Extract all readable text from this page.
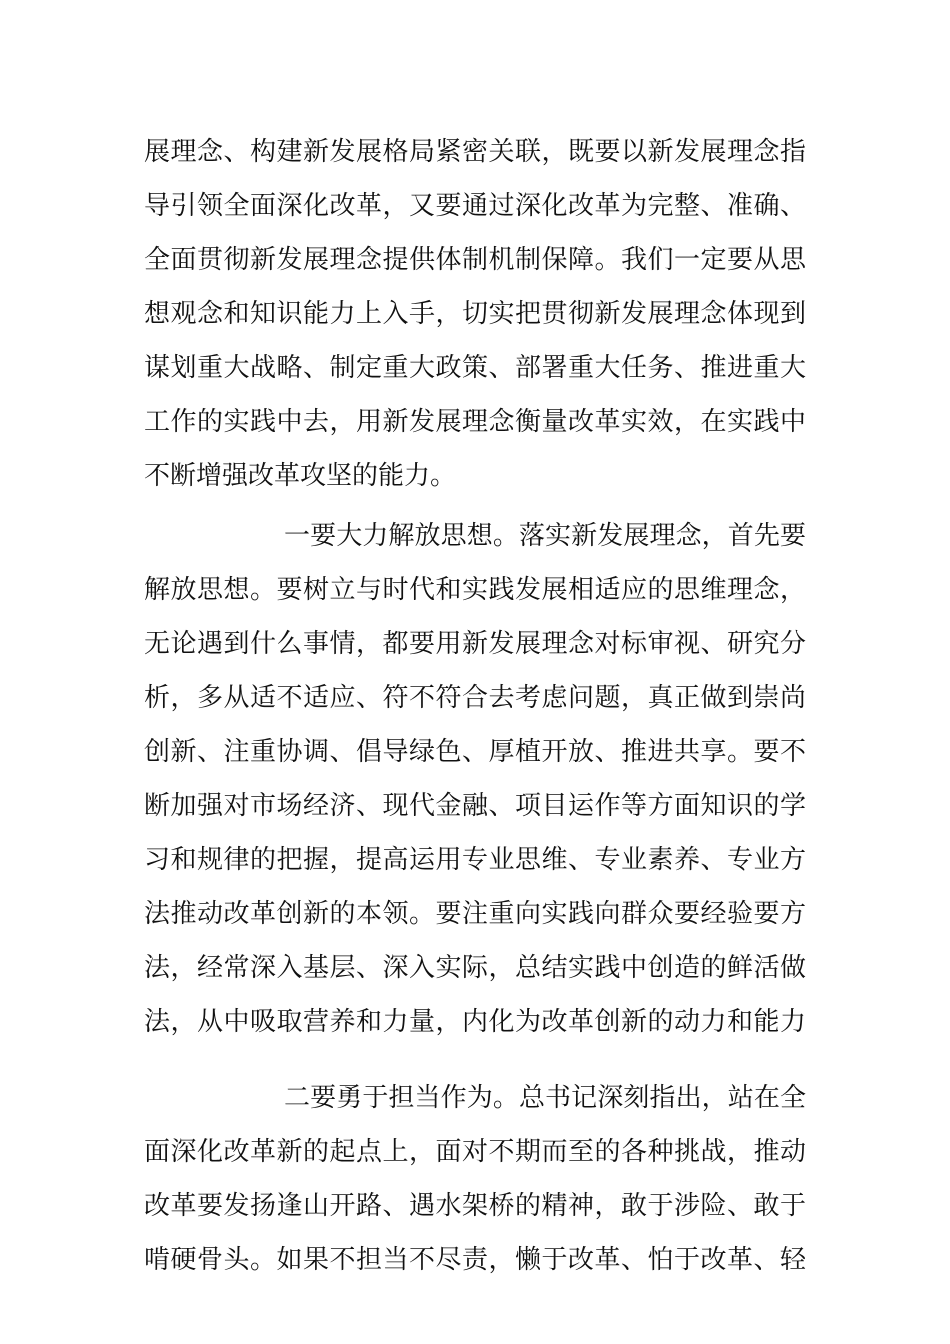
展理念、构建新发展格局紧密关联，既要以新发展理念指
导引领全面深化改革，又要通过深化改革为完整、准确、
全面贯彻新发展理念提供体制机制保障。我们一定要从思
想观念和知识能力上入手，切实把贯彻新发展理念体现到
谋划重大战略、制定重大政策、部署重大任务、推进重大
工作的实践中去，用新发展理念衡量改革实效，在实践中
不断增强改革攻坚的能力。
一要大力解放思想。落实新发展理念，首先要
解放思想。要树立与时代和实践发展相适应的思维理念，
无论遇到什么事情，都要用新发展理念对标审视、研究分
析，多从适不适应、符不符合去考虑问题，真正做到崇尚
创新、注重协调、倡导绿色、厚植开放、推进共享。要不
断加强对市场经济、现代金融、项目运作等方面知识的学
习和规律的把握，提高运用专业思维、专业素养、专业方
法推动改革创新的本领。要注重向实践向群众要经验要方
法，经常深入基层、深入实际，总结实践中创造的鲜活做
法，从中吸取营养和力量，内化为改革创新的动力和能力
二要勇于担当作为。总书记深刻指出，站在全
面深化改革新的起点上，面对不期而至的各种挑战，推动
改革要发扬逢山开路、遇水架桥的精神，敢于涉险、敢于
啃硬骨头。如果不担当不尽责，懒于改革、怕于改革、轻
